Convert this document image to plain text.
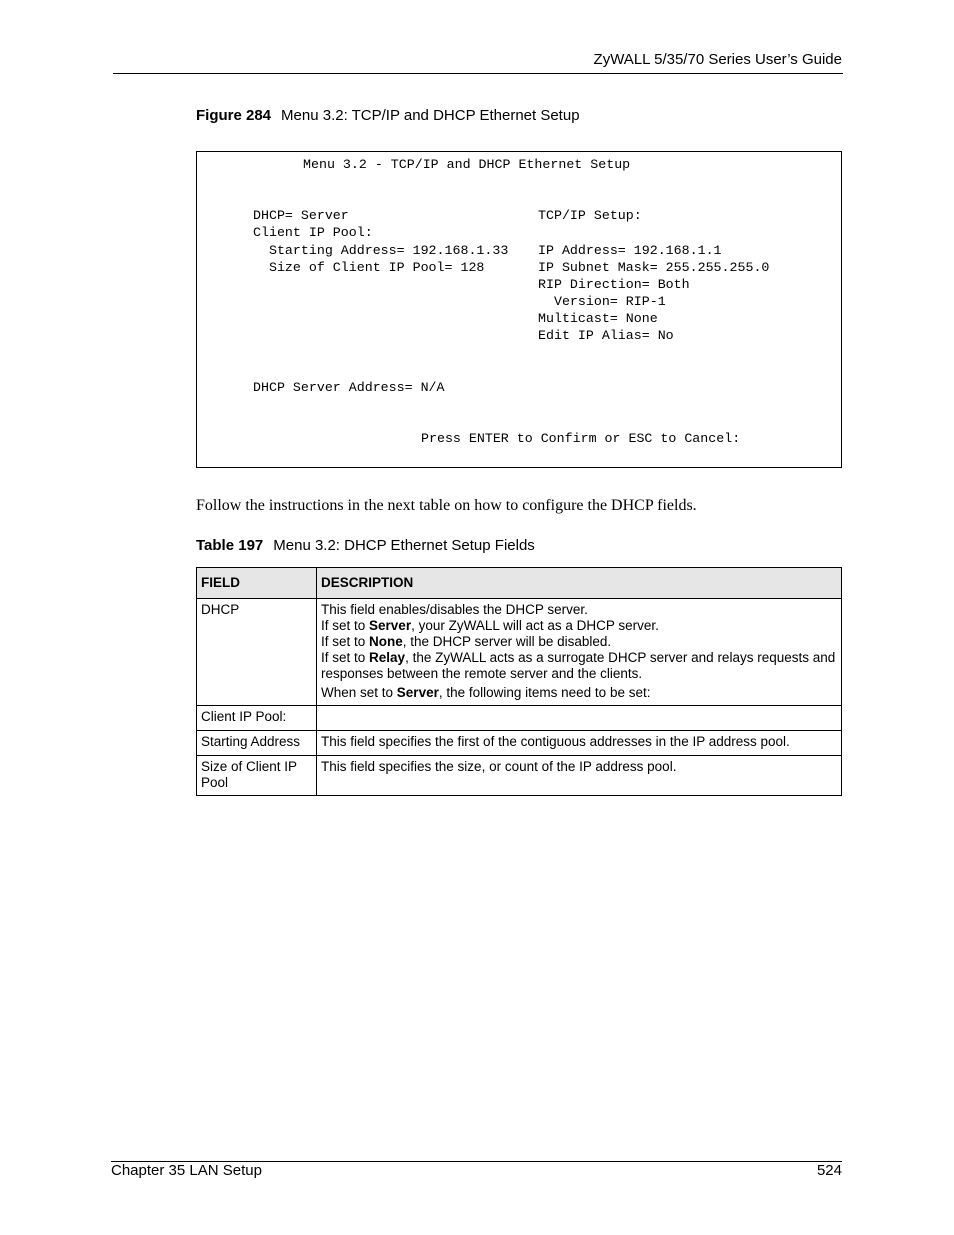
ZyWALL 5/35/70 Series User’s Guide
Figure 284 Menu 3.2: TCP/IP and DHCP Ethernet Setup
Menu 3.2 - TCP/IP and DHCP Ethernet Setup
DHCP= Server
Client IP Pool:
Starting Address= 192.168.1.33
Size of Client IP Pool= 128
TCP/IP Setup:
IP Address= 192.168.1.1
IP Subnet Mask= 255.255.255.0
RIP Direction= Both
Version= RIP-1
Multicast= None
Edit IP Alias= No
DHCP Server Address= N/A
Press ENTER to Confirm or ESC to Cancel:
Follow the instructions in the next table on how to configure the DHCP fields.
Table 197 Menu 3.2: DHCP Ethernet Setup Fields
FIELD	DESCRIPTION
DHCP	This field enables/disables the DHCP server.
If set to Server, your ZyWALL will act as a DHCP server.
If set to None, the DHCP server will be disabled.
If set to Relay, the ZyWALL acts as a surrogate DHCP server and relays requests and responses between the remote server and the clients.
When set to Server, the following items need to be set:

Client IP Pool:	
Starting Address	This field specifies the first of the contiguous addresses in the IP address pool.
Size of Client IP Pool	This field specifies the size, or count of the IP address pool.
Chapter 35 LAN Setup	524
